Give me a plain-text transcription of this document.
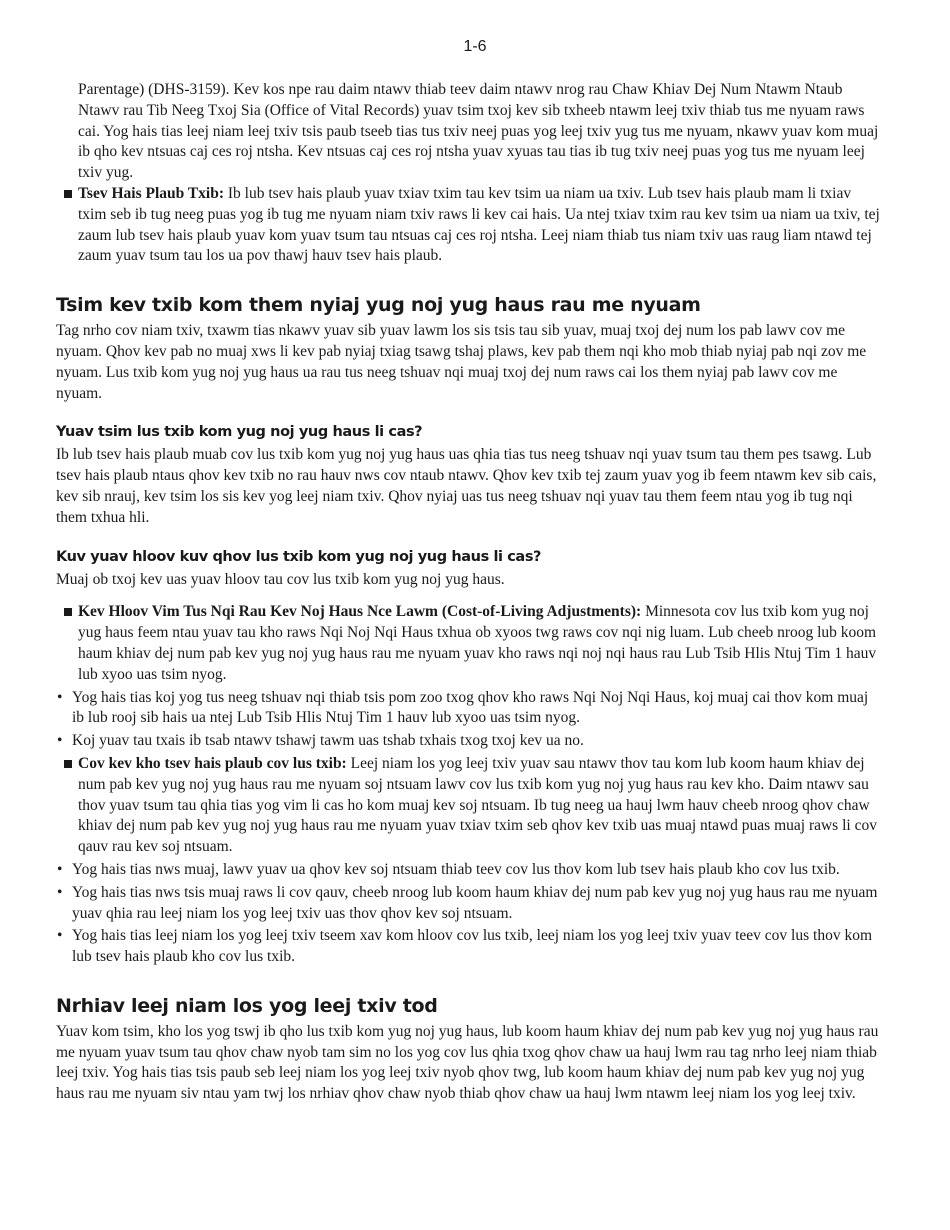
1-6

Parentage) (DHS-3159). Kev kos npe rau daim ntawv thiab teev daim ntawv nrog rau Chaw Khiav Dej Num Ntawm Ntaub Ntawv rau Tib Neeg Txoj Sia (Office of Vital Records) yuav tsim txoj kev sib txheeb ntawm leej txiv thiab tus me nyuam raws cai. Yog hais tias leej niam leej txiv tsis paub tseeb tias tus txiv neej puas yog leej txiv yug tus me nyuam, nkawv yuav kom muaj ib qho kev ntsuas caj ces roj ntsha. Kev ntsuas caj ces roj ntsha yuav xyuas tau tias ib tug txiv neej puas yog tus me nyuam leej txiv yug.

Tsev Hais Plaub Txib: Ib lub tsev hais plaub yuav txiav txim tau kev tsim ua niam ua txiv. Lub tsev hais plaub mam li txiav txim seb ib tug neeg puas yog ib tug me nyuam niam txiv raws li kev cai hais. Ua ntej txiav txim rau kev tsim ua niam ua txiv, tej zaum lub tsev hais plaub yuav kom yuav tsum tau ntsuas caj ces roj ntsha. Leej niam thiab tus niam txiv uas raug liam ntawd tej zaum yuav tsum tau los ua pov thawj hauv tsev hais plaub.
Tsim kev txib kom them nyiaj yug noj yug haus rau me nyuam

Tag nrho cov niam txiv, txawm tias nkawv yuav sib yuav lawm los sis tsis tau sib yuav, muaj txoj dej num los pab lawv cov me nyuam. Qhov kev pab no muaj xws li kev pab nyiaj txiag tsawg tshaj plaws, kev pab them nqi kho mob thiab nyiaj pab nqi zov me nyuam. Lus txib kom yug noj yug haus ua rau tus neeg tshuav nqi muaj txoj dej num raws cai los them nyiaj pab lawv cov me nyuam.

Yuav tsim lus txib kom yug noj yug haus li cas?

Ib lub tsev hais plaub muab cov lus txib kom yug noj yug haus uas qhia tias tus neeg tshuav nqi yuav tsum tau them pes tsawg. Lub tsev hais plaub ntaus qhov kev txib no rau hauv nws cov ntaub ntawv. Qhov kev txib tej zaum yuav yog ib feem ntawm kev sib cais, kev sib nrauj, kev tsim los sis kev yog leej niam txiv. Qhov nyiaj uas tus neeg tshuav nqi yuav tau them feem ntau yog ib tug nqi them txhua hli.

Kuv yuav hloov kuv qhov lus txib kom yug noj yug haus li cas?

Muaj ob txoj kev uas yuav hloov tau cov lus txib kom yug noj yug haus.

Kev Hloov Vim Tus Nqi Rau Kev Noj Haus Nce Lawm (Cost-of-Living Adjustments): Minnesota cov lus txib kom yug noj yug haus feem ntau yuav tau kho raws Nqi Noj Nqi Haus txhua ob xyoos twg raws cov nqi nig luam. Lub cheeb nroog lub koom haum khiav dej num pab kev yug noj yug haus rau me nyuam yuav kho raws nqi noj nqi haus rau Lub Tsib Hlis Ntuj Tim 1 hauv lub xyoo uas tsim nyog.
• Yog hais tias koj yog tus neeg tshuav nqi thiab tsis pom zoo txog qhov kho raws Nqi Noj Nqi Haus, koj muaj cai thov kom muaj ib lub rooj sib hais ua ntej Lub Tsib Hlis Ntuj Tim 1 hauv lub xyoo uas tsim nyog.
• Koj yuav tau txais ib tsab ntawv tshawj tawm uas tshab txhais txog txoj kev ua no.
Cov kev kho tsev hais plaub cov lus txib: Leej niam los yog leej txiv yuav sau ntawv thov tau kom lub koom haum khiav dej num pab kev yug noj yug haus rau me nyuam soj ntsuam lawv cov lus txib kom yug noj yug haus rau kev kho. Daim ntawv sau thov yuav tsum tau qhia tias yog vim li cas ho kom muaj kev soj ntsuam. Ib tug neeg ua hauj lwm hauv cheeb nroog qhov chaw khiav dej num pab kev yug noj yug haus rau me nyuam yuav txiav txim seb qhov kev txib uas muaj ntawd puas muaj raws li cov qauv rau kev soj ntsuam.
• Yog hais tias nws muaj, lawv yuav ua qhov kev soj ntsuam thiab teev cov lus thov kom lub tsev hais plaub kho cov lus txib.
• Yog hais tias nws tsis muaj raws li cov qauv, cheeb nroog lub koom haum khiav dej num pab kev yug noj yug haus rau me nyuam yuav qhia rau leej niam los yog leej txiv uas thov qhov kev soj ntsuam.
• Yog hais tias leej niam los yog leej txiv tseem xav kom hloov cov lus txib, leej niam los yog leej txiv yuav teev cov lus thov kom lub tsev hais plaub kho cov lus txib.
Nrhiav leej niam los yog leej txiv tod

Yuav kom tsim, kho los yog tswj ib qho lus txib kom yug noj yug haus, lub koom haum khiav dej num pab kev yug noj yug haus rau me nyuam yuav tsum tau qhov chaw nyob tam sim no los yog cov lus qhia txog qhov chaw ua hauj lwm rau tag nrho leej niam thiab leej txiv. Yog hais tias tsis paub seb leej niam los yog leej txiv nyob qhov twg, lub koom haum khiav dej num pab kev yug noj yug haus rau me nyuam siv ntau yam twj los nrhiav qhov chaw nyob thiab qhov chaw ua hauj lwm ntawm leej niam los yog leej txiv.
